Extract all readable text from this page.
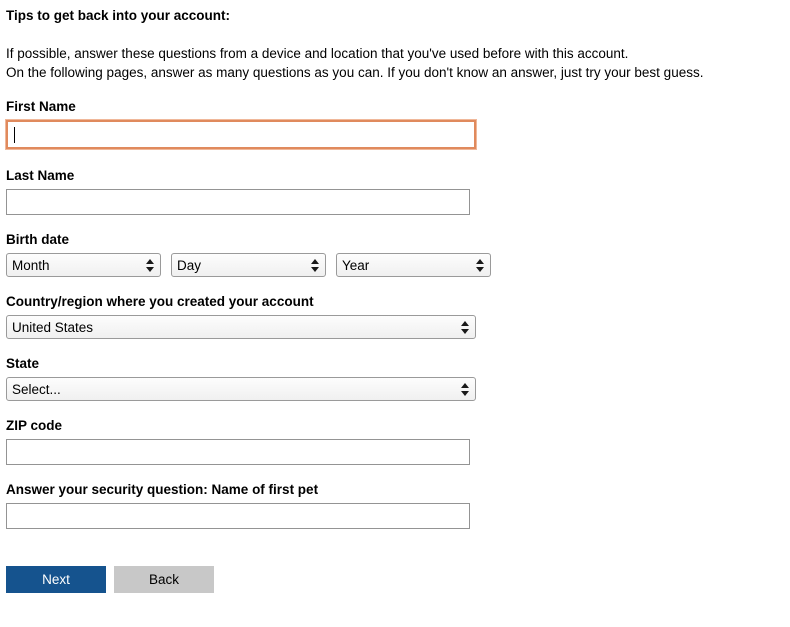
Tips to get back into your account:
If possible, answer these questions from a device and location that you've used before with this account.
On the following pages, answer as many questions as you can. If you don't know an answer, just try your best guess.
First Name
Last Name
Birth date
Month
Day
Year
Country/region where you created your account
United States
State
Select...
ZIP code
Answer your security question: Name of first pet
Next	Back
